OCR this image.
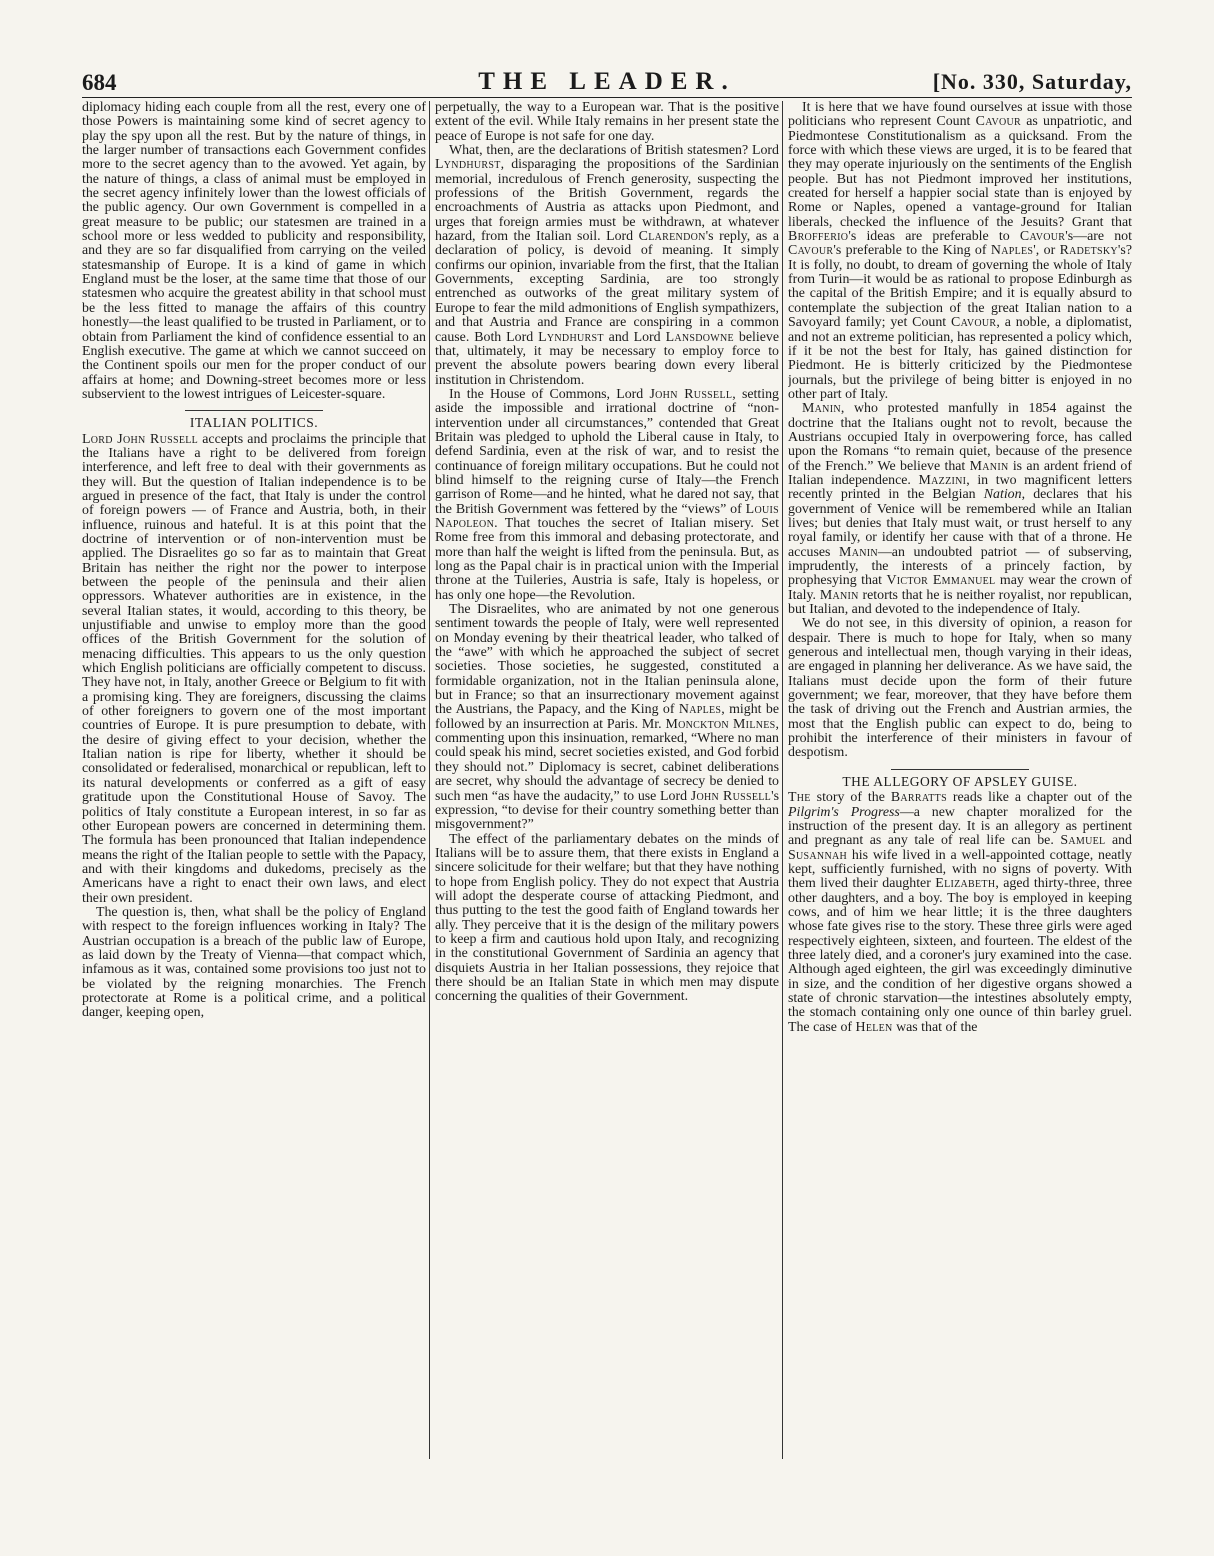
684	THE LEADER.	[No. 330, Saturday,

diplomacy hiding each couple from all the rest, every one of those Powers is maintaining some kind of secret agency to play the spy upon all the rest. But by the nature of things, in the larger number of transactions each Government confides more to the secret agency than to the avowed. Yet again, by the nature of things, a class of animal must be employed in the secret agency infinitely lower than the lowest officials of the public agency. Our own Government is compelled in a great measure to be public; our statesmen are trained in a school more or less wedded to publicity and responsibility, and they are so far disqualified from carrying on the veiled statesmanship of Europe. It is a kind of game in which England must be the loser, at the same time that those of our statesmen who acquire the greatest ability in that school must be the less fitted to manage the affairs of this country honestly—the least qualified to be trusted in Parliament, or to obtain from Parliament the kind of confidence essential to an English executive. The game at which we cannot succeed on the Continent spoils our men for the proper conduct of our affairs at home; and Downing-street becomes more or less subservient to the lowest intrigues of Leicester-square.

ITALIAN POLITICS.

Lord John Russell accepts and proclaims the principle that the Italians have a right to be delivered from foreign interference, and left free to deal with their governments as they will. But the question of Italian independence is to be argued in presence of the fact, that Italy is under the control of foreign powers — of France and Austria, both, in their influence, ruinous and hateful. It is at this point that the doctrine of intervention or of non-intervention must be applied. The Disraelites go so far as to maintain that Great Britain has neither the right nor the power to interpose between the people of the peninsula and their alien oppressors. Whatever authorities are in existence, in the several Italian states, it would, according to this theory, be unjustifiable and unwise to employ more than the good offices of the British Government for the solution of menacing difficulties. This appears to us the only question which English politicians are officially competent to discuss. They have not, in Italy, another Greece or Belgium to fit with a promising king. They are foreigners, discussing the claims of other foreigners to govern one of the most important countries of Europe. It is pure presumption to debate, with the desire of giving effect to your decision, whether the Italian nation is ripe for liberty, whether it should be consolidated or federalised, monarchical or republican, left to its natural developments or conferred as a gift of easy gratitude upon the Constitutional House of Savoy. The politics of Italy constitute a European interest, in so far as other European powers are concerned in determining them. The formula has been pronounced that Italian independence means the right of the Italian people to settle with the Papacy, and with their kingdoms and dukedoms, precisely as the Americans have a right to enact their own laws, and elect their own president.

The question is, then, what shall be the policy of England with respect to the foreign influences working in Italy? The Austrian occupation is a breach of the public law of Europe, as laid down by the Treaty of Vienna—that compact which, infamous as it was, contained some provisions too just not to be violated by the reigning monarchies. The French protectorate at Rome is a political crime, and a political danger, keeping open,

perpetually, the way to a European war. That is the positive extent of the evil. While Italy remains in her present state the peace of Europe is not safe for one day.

What, then, are the declarations of British statesmen? Lord Lyndhurst, disparaging the propositions of the Sardinian memorial, incredulous of French generosity, suspecting the professions of the British Government, regards the encroachments of Austria as attacks upon Piedmont, and urges that foreign armies must be withdrawn, at whatever hazard, from the Italian soil. Lord Clarendon's reply, as a declaration of policy, is devoid of meaning. It simply confirms our opinion, invariable from the first, that the Italian Governments, excepting Sardinia, are too strongly entrenched as outworks of the great military system of Europe to fear the mild admonitions of English sympathizers, and that Austria and France are conspiring in a common cause. Both Lord Lyndhurst and Lord Lansdowne believe that, ultimately, it may be necessary to employ force to prevent the absolute powers bearing down every liberal institution in Christendom.

In the House of Commons, Lord John Russell, setting aside the impossible and irrational doctrine of “non-intervention under all circumstances,” contended that Great Britain was pledged to uphold the Liberal cause in Italy, to defend Sardinia, even at the risk of war, and to resist the continuance of foreign military occupations. But he could not blind himself to the reigning curse of Italy—the French garrison of Rome—and he hinted, what he dared not say, that the British Government was fettered by the “views” of Louis Napoleon. That touches the secret of Italian misery. Set Rome free from this immoral and debasing protectorate, and more than half the weight is lifted from the peninsula. But, as long as the Papal chair is in practical union with the Imperial throne at the Tuileries, Austria is safe, Italy is hopeless, or has only one hope—the Revolution.

The Disraelites, who are animated by not one generous sentiment towards the people of Italy, were well represented on Monday evening by their theatrical leader, who talked of the “awe” with which he approached the subject of secret societies. Those societies, he suggested, constituted a formidable organization, not in the Italian peninsula alone, but in France; so that an insurrectionary movement against the Austrians, the Papacy, and the King of Naples, might be followed by an insurrection at Paris. Mr. Monckton Milnes, commenting upon this insinuation, remarked, “Where no man could speak his mind, secret societies existed, and God forbid they should not.” Diplomacy is secret, cabinet deliberations are secret, why should the advantage of secrecy be denied to such men “as have the audacity,” to use Lord John Russell's expression, “to devise for their country something better than misgovernment?”

The effect of the parliamentary debates on the minds of Italians will be to assure them, that there exists in England a sincere solicitude for their welfare; but that they have nothing to hope from English policy. They do not expect that Austria will adopt the desperate course of attacking Piedmont, and thus putting to the test the good faith of England towards her ally. They perceive that it is the design of the military powers to keep a firm and cautious hold upon Italy, and recognizing in the constitutional Government of Sardinia an agency that disquiets Austria in her Italian possessions, they rejoice that there should be an Italian State in which men may dispute concerning the qualities of their Government.

It is here that we have found ourselves at issue with those politicians who represent Count Cavour as unpatriotic, and Piedmontese Constitutionalism as a quicksand. From the force with which these views are urged, it is to be feared that they may operate injuriously on the sentiments of the English people. But has not Piedmont improved her institutions, created for herself a happier social state than is enjoyed by Rome or Naples, opened a vantage-ground for Italian liberals, checked the influence of the Jesuits? Grant that Brofferio's ideas are preferable to Cavour's—are not Cavour's preferable to the King of Naples', or Radetsky's? It is folly, no doubt, to dream of governing the whole of Italy from Turin—it would be as rational to propose Edinburgh as the capital of the British Empire; and it is equally absurd to contemplate the subjection of the great Italian nation to a Savoyard family; yet Count Cavour, a noble, a diplomatist, and not an extreme politician, has represented a policy which, if it be not the best for Italy, has gained distinction for Piedmont. He is bitterly criticized by the Piedmontese journals, but the privilege of being bitter is enjoyed in no other part of Italy.

Manin, who protested manfully in 1854 against the doctrine that the Italians ought not to revolt, because the Austrians occupied Italy in overpowering force, has called upon the Romans “to remain quiet, because of the presence of the French.” We believe that Manin is an ardent friend of Italian independence. Mazzini, in two magnificent letters recently printed in the Belgian Nation, declares that his government of Venice will be remembered while an Italian lives; but denies that Italy must wait, or trust herself to any royal family, or identify her cause with that of a throne. He accuses Manin—an undoubted patriot — of subserving, imprudently, the interests of a princely faction, by prophesying that Victor Emmanuel may wear the crown of Italy. Manin retorts that he is neither royalist, nor republican, but Italian, and devoted to the independence of Italy.

We do not see, in this diversity of opinion, a reason for despair. There is much to hope for Italy, when so many generous and intellectual men, though varying in their ideas, are engaged in planning her deliverance. As we have said, the Italians must decide upon the form of their future government; we fear, moreover, that they have before them the task of driving out the French and Austrian armies, the most that the English public can expect to do, being to prohibit the interference of their ministers in favour of despotism.

THE ALLEGORY OF APSLEY GUISE.

The story of the Barratts reads like a chapter out of the Pilgrim's Progress—a new chapter moralized for the instruction of the present day. It is an allegory as pertinent and pregnant as any tale of real life can be. Samuel and Susannah his wife lived in a well-appointed cottage, neatly kept, sufficiently furnished, with no signs of poverty. With them lived their daughter Elizabeth, aged thirty-three, three other daughters, and a boy. The boy is employed in keeping cows, and of him we hear little; it is the three daughters whose fate gives rise to the story. These three girls were aged respectively eighteen, sixteen, and fourteen. The eldest of the three lately died, and a coroner's jury examined into the case. Although aged eighteen, the girl was exceedingly diminutive in size, and the condition of her digestive organs showed a state of chronic starvation—the intestines absolutely empty, the stomach containing only one ounce of thin barley gruel. The case of Helen was that of the
